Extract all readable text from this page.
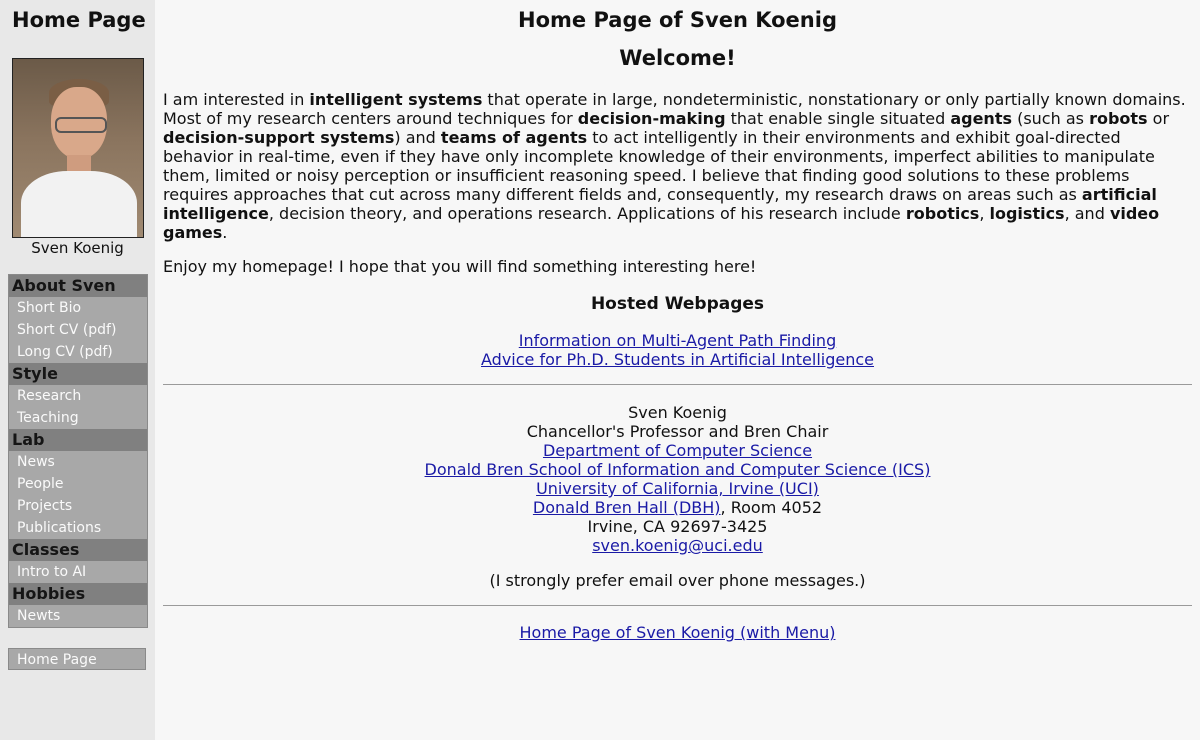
Home Page
Sven Koenig
About Sven
Short Bio
Short CV (pdf)
Long CV (pdf)
Style
Research
Teaching
Lab
News
People
Projects
Publications
Classes
Intro to AI
Hobbies
Newts
Home Page
Home Page of Sven Koenig
Welcome!

I am interested in intelligent systems that operate in large, nondeterministic, nonstationary or only partially known domains. Most of my research centers around techniques for decision-making that enable single situated agents (such as robots or decision-support systems) and teams of agents to act intelligently in their environments and exhibit goal-directed behavior in real-time, even if they have only incomplete knowledge of their environments, imperfect abilities to manipulate them, limited or noisy perception or insufficient reasoning speed. I believe that finding good solutions to these problems requires approaches that cut across many different fields and, consequently, my research draws on areas such as artificial intelligence, decision theory, and operations research. Applications of his research include robotics, logistics, and video games.

Enjoy my homepage! I hope that you will find something interesting here!

Hosted Webpages
Information on Multi-Agent Path Finding
Advice for Ph.D. Students in Artificial Intelligence
Sven Koenig
Chancellor's Professor and Bren Chair
Department of Computer Science
Donald Bren School of Information and Computer Science (ICS)
University of California, Irvine (UCI)
Donald Bren Hall (DBH), Room 4052
Irvine, CA 92697-3425
sven.koenig@uci.edu
(I strongly prefer email over phone messages.)
Home Page of Sven Koenig (with Menu)
